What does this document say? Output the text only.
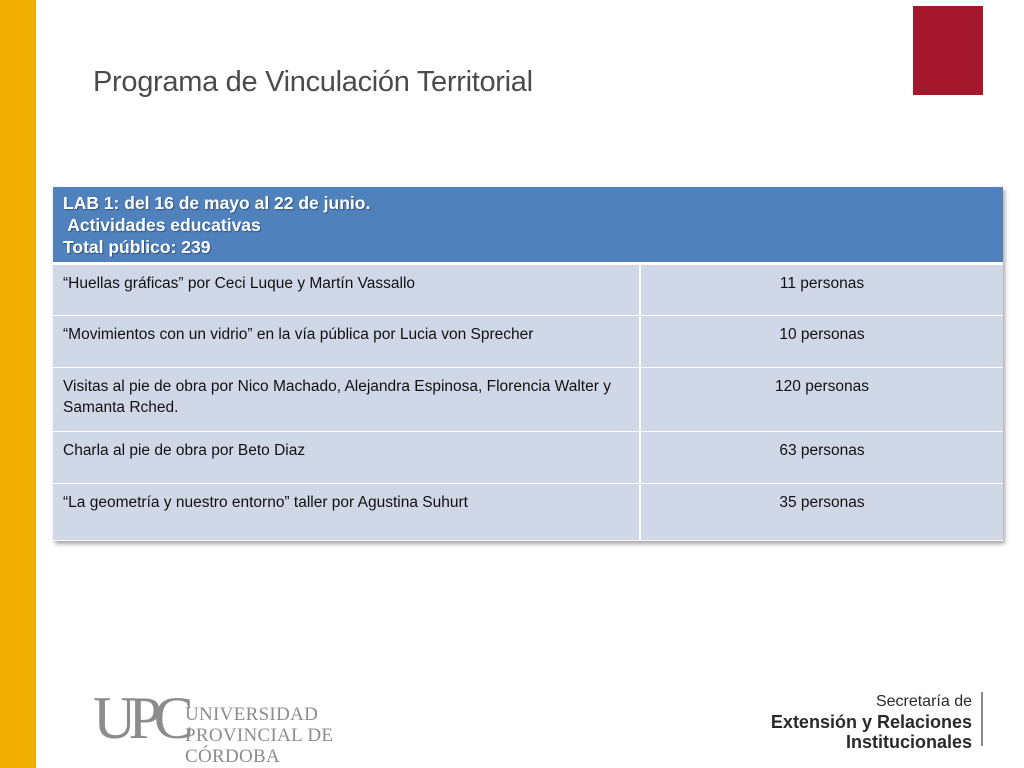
Programa de Vinculación Territorial
LAB 1: del 16 de mayo al 22 de junio.
Actividades educativas
Total público: 239	

“Huellas gráficas” por Ceci Luque y Martín Vassallo	11 personas
“Movimientos con un vidrio” en la vía pública por Lucia von Sprecher	10 personas
Visitas al pie de obra por Nico Machado, Alejandra Espinosa, Florencia Walter y Samanta Rched.	120 personas
Charla al pie de obra por Beto Diaz	63 personas
“La geometría y nuestro entorno” taller por Agustina Suhurt	35 personas
UPC UNIVERSIDAD
PROVINCIAL DE CÓRDOBA
Secretaría de
Extensión y Relaciones
Institucionales
